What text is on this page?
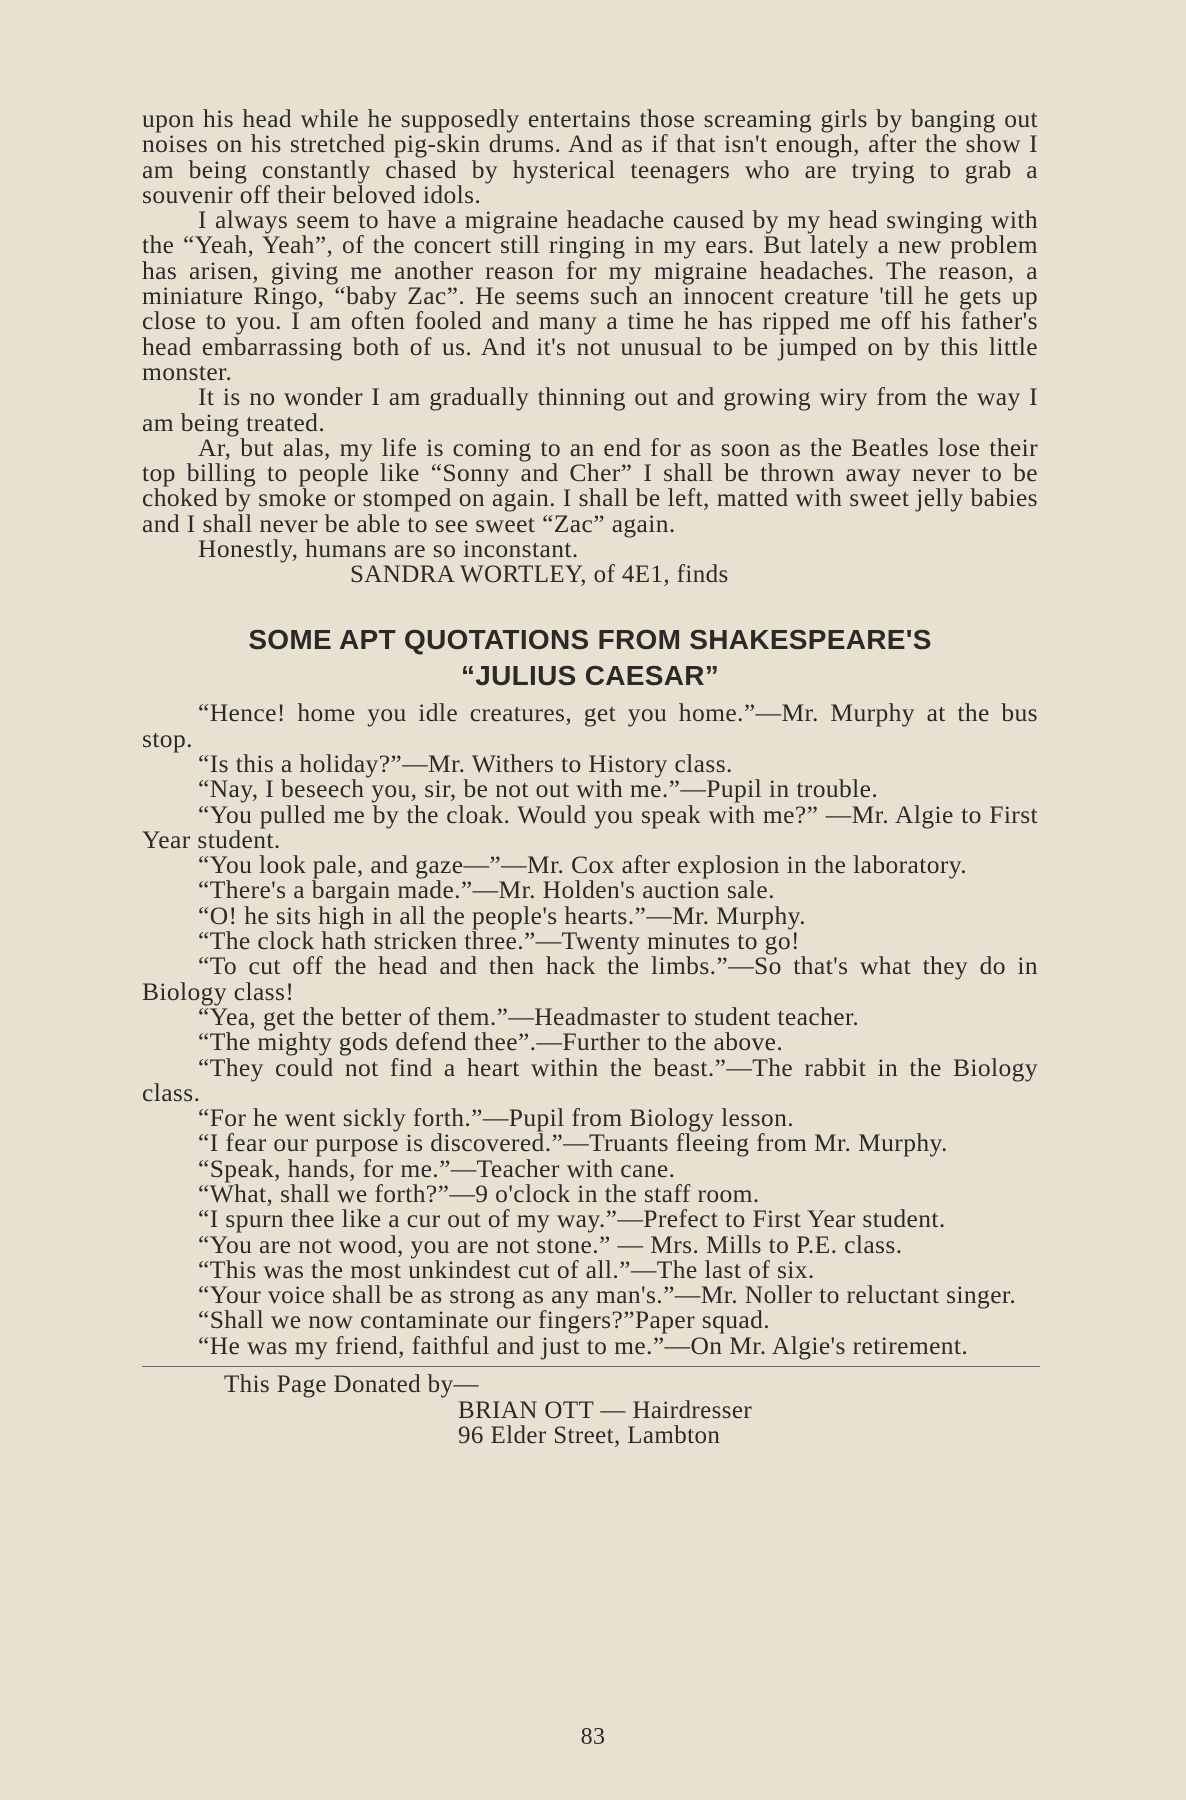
upon his head while he supposedly entertains those screaming girls by banging out noises on his stretched pig-skin drums. And as if that isn't enough, after the show I am being constantly chased by hysterical teenagers who are trying to grab a souvenir off their beloved idols.

I always seem to have a migraine headache caused by my head swinging with the “Yeah, Yeah”, of the concert still ringing in my ears. But lately a new problem has arisen, giving me another reason for my migraine headaches. The reason, a miniature Ringo, “baby Zac”. He seems such an innocent creature 'till he gets up close to you. I am often fooled and many a time he has ripped me off his father's head embarrassing both of us. And it's not unusual to be jumped on by this little monster.

It is no wonder I am gradually thinning out and growing wiry from the way I am being treated.

Ar, but alas, my life is coming to an end for as soon as the Beatles lose their top billing to people like “Sonny and Cher” I shall be thrown away never to be choked by smoke or stomped on again. I shall be left, matted with sweet jelly babies and I shall never be able to see sweet “Zac” again.

Honestly, humans are so inconstant.

SANDRA WORTLEY, of 4E1, finds
SOME APT QUOTATIONS FROM SHAKESPEARE'S
“JULIUS CAESAR”

“Hence! home you idle creatures, get you home.”—Mr. Murphy at the bus stop.

“Is this a holiday?”—Mr. Withers to History class.

“Nay, I beseech you, sir, be not out with me.”—Pupil in trouble.

“You pulled me by the cloak. Would you speak with me?” —Mr. Algie to First Year student.

“You look pale, and gaze—”—Mr. Cox after explosion in the laboratory.

“There's a bargain made.”—Mr. Holden's auction sale.

“O! he sits high in all the people's hearts.”—Mr. Murphy.

“The clock hath stricken three.”—Twenty minutes to go!

“To cut off the head and then hack the limbs.”—So that's what they do in Biology class!

“Yea, get the better of them.”—Headmaster to student teacher.

“The mighty gods defend thee”.—Further to the above.

“They could not find a heart within the beast.”—The rabbit in the Biology class.

“For he went sickly forth.”—Pupil from Biology lesson.

“I fear our purpose is discovered.”—Truants fleeing from Mr. Murphy.

“Speak, hands, for me.”—Teacher with cane.

“What, shall we forth?”—9 o'clock in the staff room.

“I spurn thee like a cur out of my way.”—Prefect to First Year student.

“You are not wood, you are not stone.” — Mrs. Mills to P.E. class.

“This was the most unkindest cut of all.”—The last of six.

“Your voice shall be as strong as any man's.”—Mr. Noller to reluctant singer.

“Shall we now contaminate our fingers?”Paper squad.

“He was my friend, faithful and just to me.”—On Mr. Algie's retirement.

This Page Donated by—
BRIAN OTT — Hairdresser
96 Elder Street, Lambton
83
